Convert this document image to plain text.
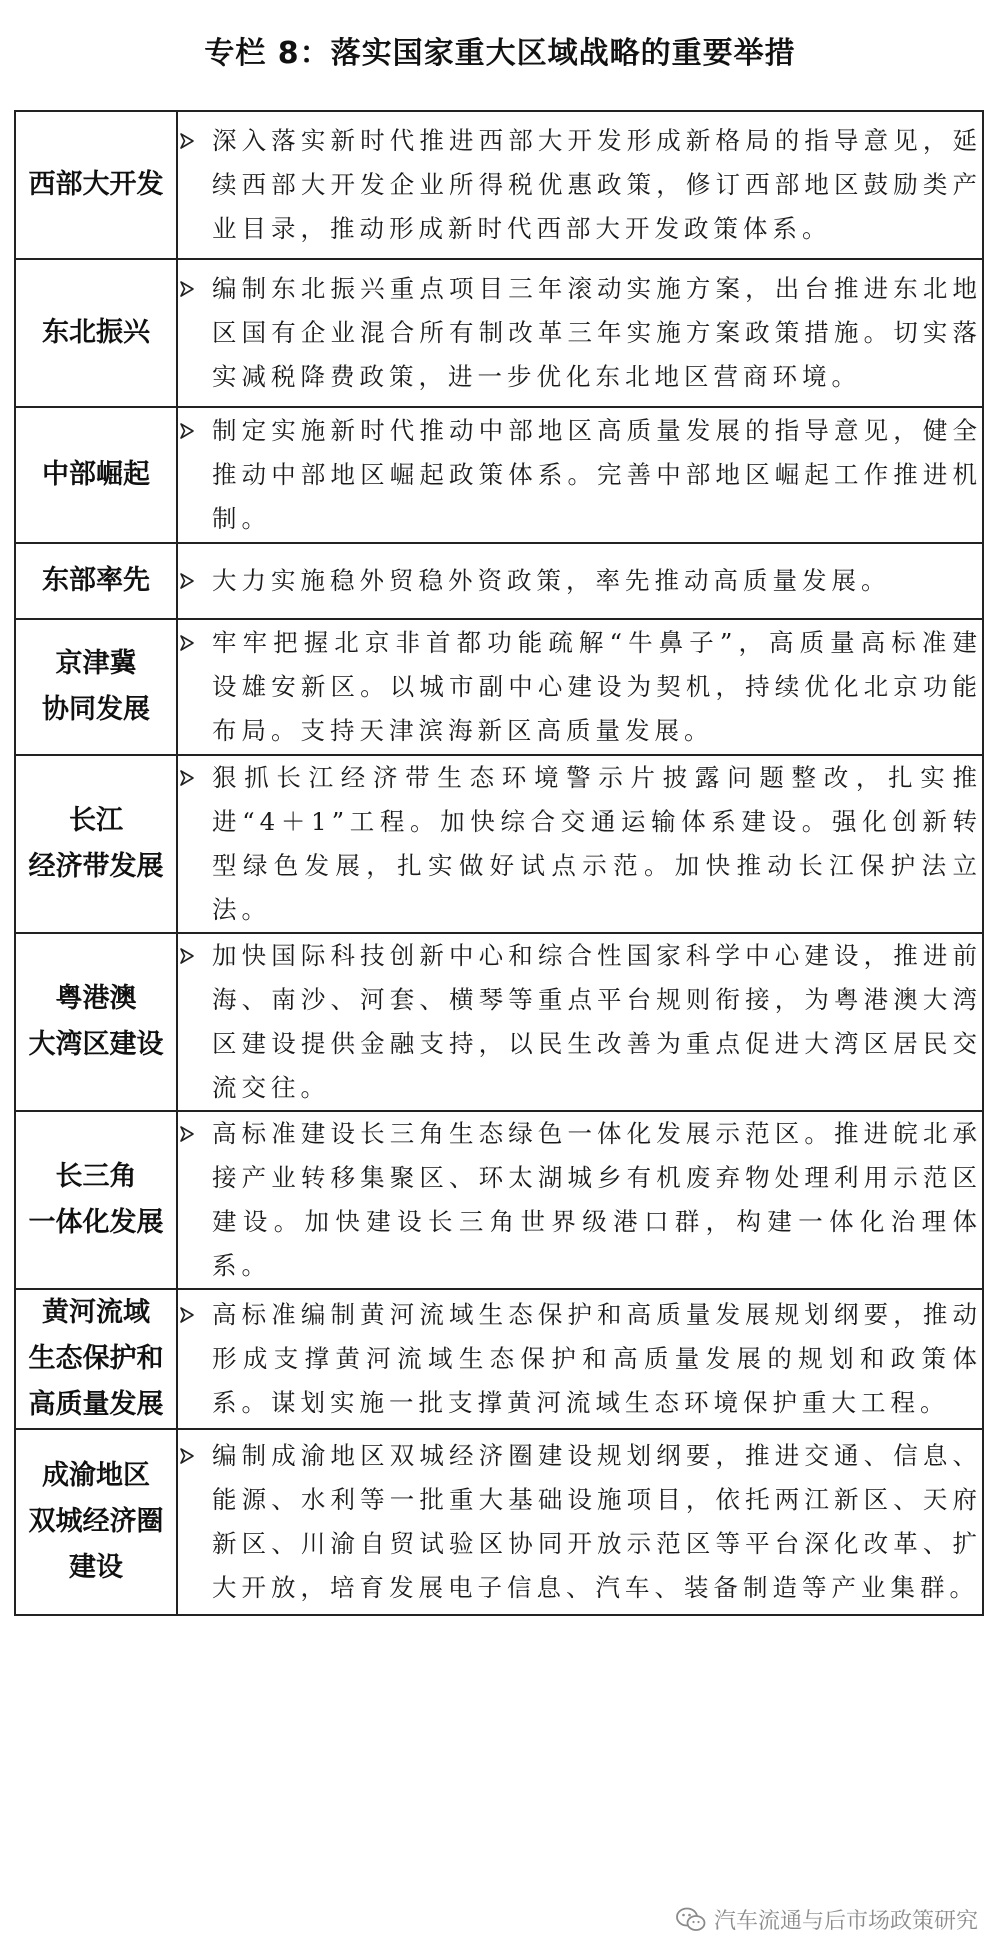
专栏 8：落实国家重大区域战略的重要举措
西部大开发	深入落实新时代推进西部大开发形成新格局的指导意见，延续西部大开发企业所得税优惠政策，修订西部地区鼓励类产业目录，推动形成新时代西部大开发政策体系。

东北振兴	编制东北振兴重点项目三年滚动实施方案，出台推进东北地区国有企业混合所有制改革三年实施方案政策措施。切实落实减税降费政策，进一步优化东北地区营商环境。

中部崛起	制定实施新时代推动中部地区高质量发展的指导意见，健全推动中部地区崛起政策体系。完善中部地区崛起工作推进机制。

东部率先	大力实施稳外贸稳外资政策，率先推动高质量发展。

京津冀
协同发展	牢牢把握北京非首都功能疏解“牛鼻子”，高质量高标准建设雄安新区。以城市副中心建设为契机，持续优化北京功能布局。支持天津滨海新区高质量发展。

长江
经济带发展	狠抓长江经济带生态环境警示片披露问题整改，扎实推进“4＋1”工程。加快综合交通运输体系建设。强化创新转型绿色发展，扎实做好试点示范。加快推动长江保护法立法。

粤港澳
大湾区建设	加快国际科技创新中心和综合性国家科学中心建设，推进前海、南沙、河套、横琴等重点平台规则衔接，为粤港澳大湾区建设提供金融支持，以民生改善为重点促进大湾区居民交流交往。

长三角
一体化发展	高标准建设长三角生态绿色一体化发展示范区。推进皖北承接产业转移集聚区、环太湖城乡有机废弃物处理利用示范区建设。加快建设长三角世界级港口群，构建一体化治理体系。

黄河流域
生态保护和
高质量发展	高标准编制黄河流域生态保护和高质量发展规划纲要，推动形成支撑黄河流域生态保护和高质量发展的规划和政策体系。谋划实施一批支撑黄河流域生态环境保护重大工程。

成渝地区
双城经济圈
建设	编制成渝地区双城经济圈建设规划纲要，推进交通、信息、能源、水利等一批重大基础设施项目，依托两江新区、天府新区、川渝自贸试验区协同开放示范区等平台深化改革、扩大开放，培育发展电子信息、汽车、装备制造等产业集群。
汽车流通与后市场政策研究
